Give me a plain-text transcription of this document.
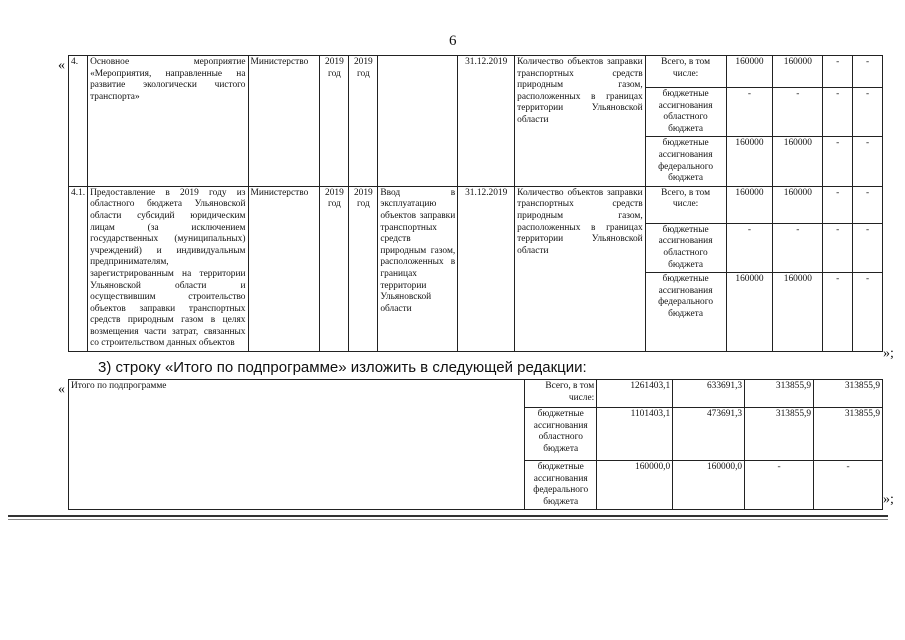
6
« 4.	Основное мероприятие «Мероприятия, направленные на развитие экологически чистого транспорта»	Министерство	2019 год	2019 год		31.12.2019	Количество объектов заправки транспортных средств природным газом, расположенных в границах территории Ульяновской области	Всего, в том числе:	160000	160000	-	-
								бюджетные ассигнования областного бюджета	-	-	-	-
								бюджетные ассигнования федерального бюджета	160000	160000	-	-
4.1.	Предоставление в 2019 году из областного бюджета Ульяновской области субсидий юридическим лицам (за исключением государственных (муниципальных) учреждений) и индивидуальным предпринимателям, зарегистрированным на территории Ульяновской области и осуществившим строительство объектов заправки транспортных средств природным газом в целях возмещения части затрат, связанных со строительством данных объектов	Министерство	2019 год	2019 год	Ввод в эксплуатацию объектов заправки транспортных средств природным газом, расположенных в границах территории Ульяновской области	31.12.2019	Количество объектов заправки транспортных средств природным газом, расположенных в границах территории Ульяновской области	Всего, в том числе:	160000	160000	-	-
								бюджетные ассигнования областного бюджета	-	-	-	-
								бюджетные ассигнования федерального бюджета	160000	160000	-	-
»;
3) строку «Итого по подпрограмме» изложить в следующей редакции:
« Итого по подпрограмме	Всего, в том числе:	1261403,1	633691,3	313855,9	313855,9
	бюджетные ассигнования областного бюджета	1101403,1	473691,3	313855,9	313855,9
	бюджетные ассигнования федерального бюджета	160000,0	160000,0	-	-
»;
